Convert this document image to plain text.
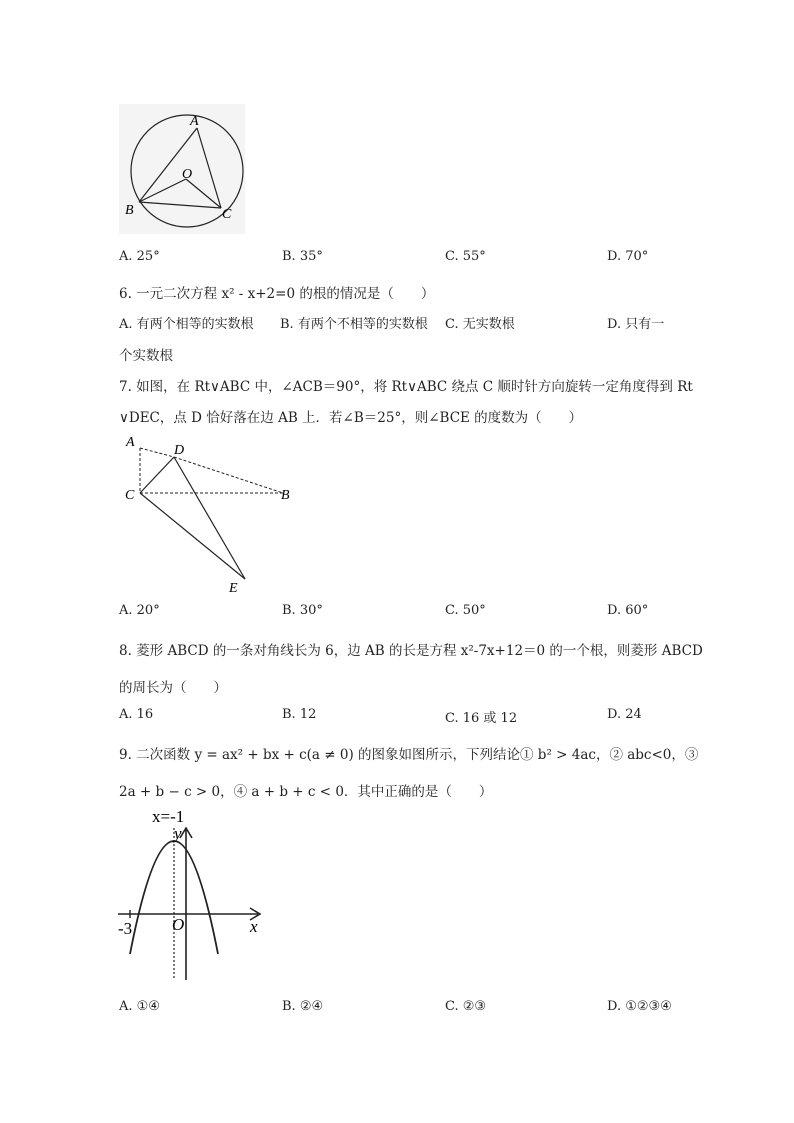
A
O
B	C
A. 25°	B. 35°	C. 55°	D. 70°
6. 一元二次方程 x² - x+2=0 的根的情况是（　　）
A. 有两个相等的实数根 B. 有两个不相等的实数根 C. 无实数根	D. 只有一
个实数根
7. 如图，在 Rt∨ABC 中，∠ACB＝90°，将 Rt∨ABC 绕点 C 顺时针方向旋转一定角度得到 Rt
∨DEC，点 D 恰好落在边 AB 上．若∠B＝25°，则∠BCE 的度数为（　　）
A
D
C	B
E
A. 20°	B. 30°	C. 50°	D. 60°
8. 菱形 ABCD 的一条对角线长为 6，边 AB 的长是方程 x²-7x+12＝0 的一个根，则菱形 ABCD
的周长为（　　）
A. 16	B. 12	C. 16 或 12	D. 24
9. 二次函数 y = ax² + bx + c(a ≠ 0) 的图象如图所示，下列结论① b² > 4ac，② abc<0，③
2a + b − c > 0，④ a + b + c < 0．其中正确的是（　　）
x=-1
y
x
-3 O
A. ①④	B. ②④	C. ②③	D. ①②③④
